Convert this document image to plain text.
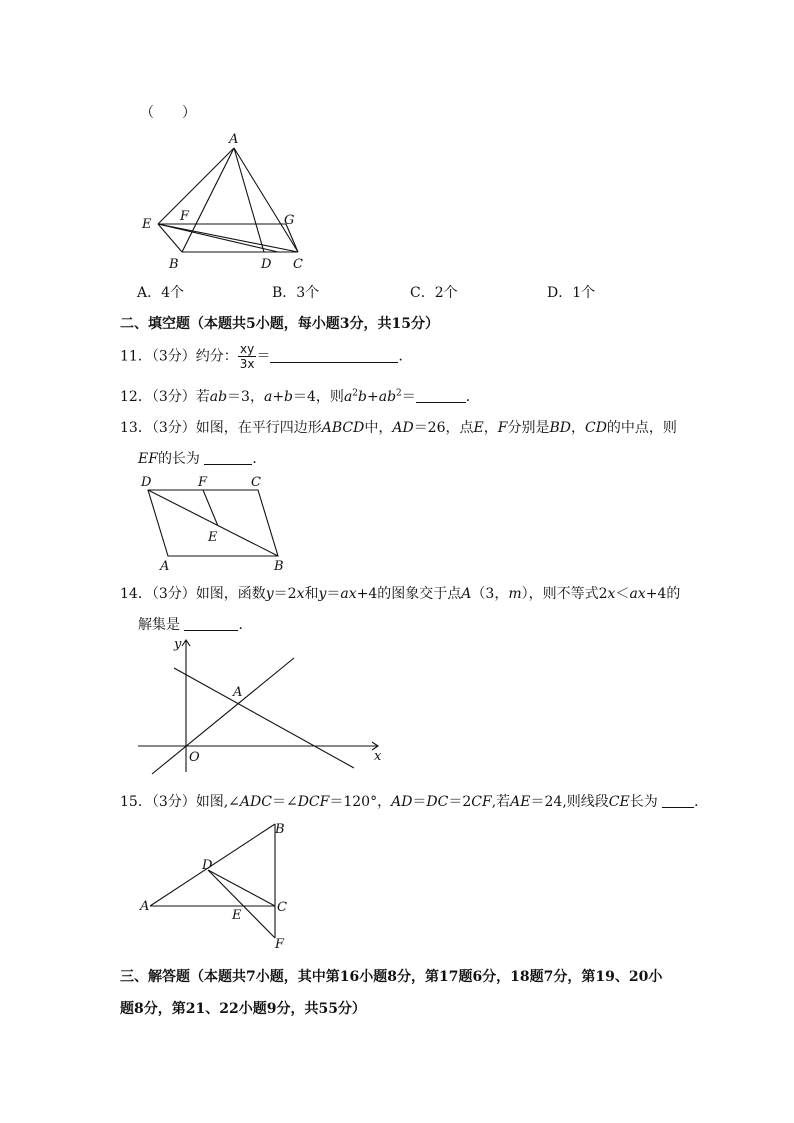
（　　）
A
E
F	G
B	D C
A．4个	B．3个	C．2个	D．1个
二、填空题（本题共5小题，每小题3分，共15分）
11．（3分）约分： $\frac{xy}{3x}$ ＝	．
12．（3分）若ab＝3，a+b＝4，则$a^2b+ab^2=$	．
13．（3分）如图，在平行四边形ABCD中，AD＝26，点E，F分别是BD，CD的中点，则
EF的长为	．
D	F	C
E
A	B
14．（3分）如图，函数y＝2x和y＝ax+4的图象交于点A（3，m），则不等式2x＜ax+4的
解集是	．
y
x
O
A
15．（3分）如图,∠ADC＝∠DCF＝120°，AD＝DC＝2CF,若AE＝24,则线段CE长为	．
B
D
A
E
C
F
三、解答题（本题共7小题，其中第16小题8分，第17题6分，18题7分，第19、20小
题8分，第21、22小题9分，共55分）
